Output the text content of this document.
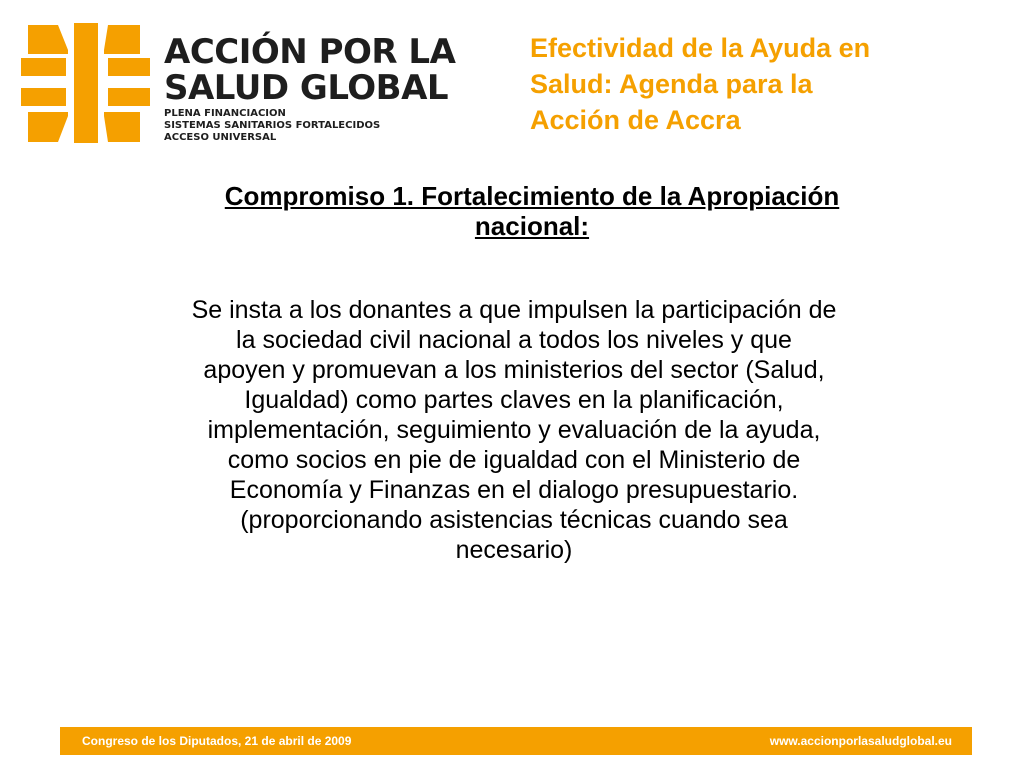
ACCIÓN POR LA
SALUD GLOBAL
PLENA FINANCIACION
SISTEMAS SANITARIOS FORTALECIDOS
ACCESO UNIVERSAL
Efectividad de la Ayuda en
Salud: Agenda para la
Acción de Accra
Compromiso 1. Fortalecimiento de la Apropiación
nacional:
Se insta a los donantes a que impulsen la participación de
la sociedad civil nacional a todos los niveles y que
apoyen y promuevan a los ministerios del sector (Salud,
Igualdad) como partes claves en la planificación,
implementación, seguimiento y evaluación de la ayuda,
como socios en pie de igualdad con el Ministerio de
Economía y Finanzas en el dialogo presupuestario.
(proporcionando asistencias técnicas cuando sea
necesario)
Congreso de los Diputados, 21 de abril de 2009	www.accionporlasaludglobal.eu
